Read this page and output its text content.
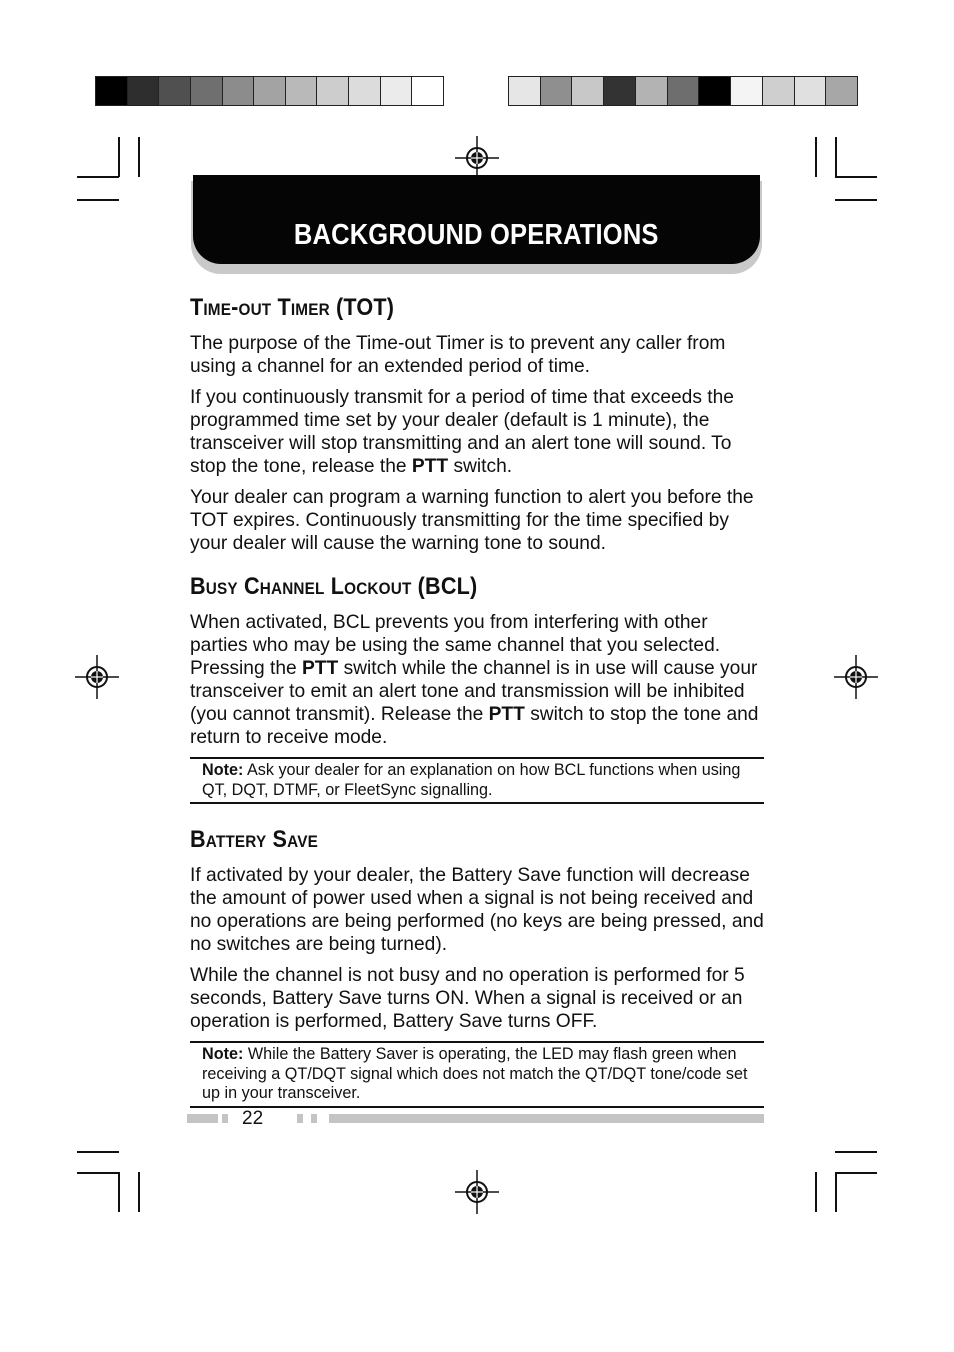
BACKGROUND OPERATIONS
Time-out Timer (TOT)

The purpose of the Time-out Timer is to prevent any caller from using a channel for an extended period of time.

If you continuously transmit for a period of time that exceeds the programmed time set by your dealer (default is 1 minute), the transceiver will stop transmitting and an alert tone will sound. To stop the tone, release the PTT switch.

Your dealer can program a warning function to alert you before the TOT expires. Continuously transmitting for the time specified by your dealer will cause the warning tone to sound.

Busy Channel Lockout (BCL)

When activated, BCL prevents you from interfering with other parties who may be using the same channel that you selected. Pressing the PTT switch while the channel is in use will cause your transceiver to emit an alert tone and transmission will be inhibited (you cannot transmit). Release the PTT switch to stop the tone and return to receive mode.

Note: Ask your dealer for an explanation on how BCL functions when using QT, DQT, DTMF, or FleetSync signalling.
Battery Save

If activated by your dealer, the Battery Save function will decrease the amount of power used when a signal is not being received and no operations are being performed (no keys are being pressed, and no switches are being turned).

While the channel is not busy and no operation is performed for 5 seconds, Battery Save turns ON. When a signal is received or an operation is performed, Battery Save turns OFF.

Note: While the Battery Saver is operating, the LED may flash green when receiving a QT/DQT signal which does not match the QT/DQT tone/code set up in your transceiver.
22
